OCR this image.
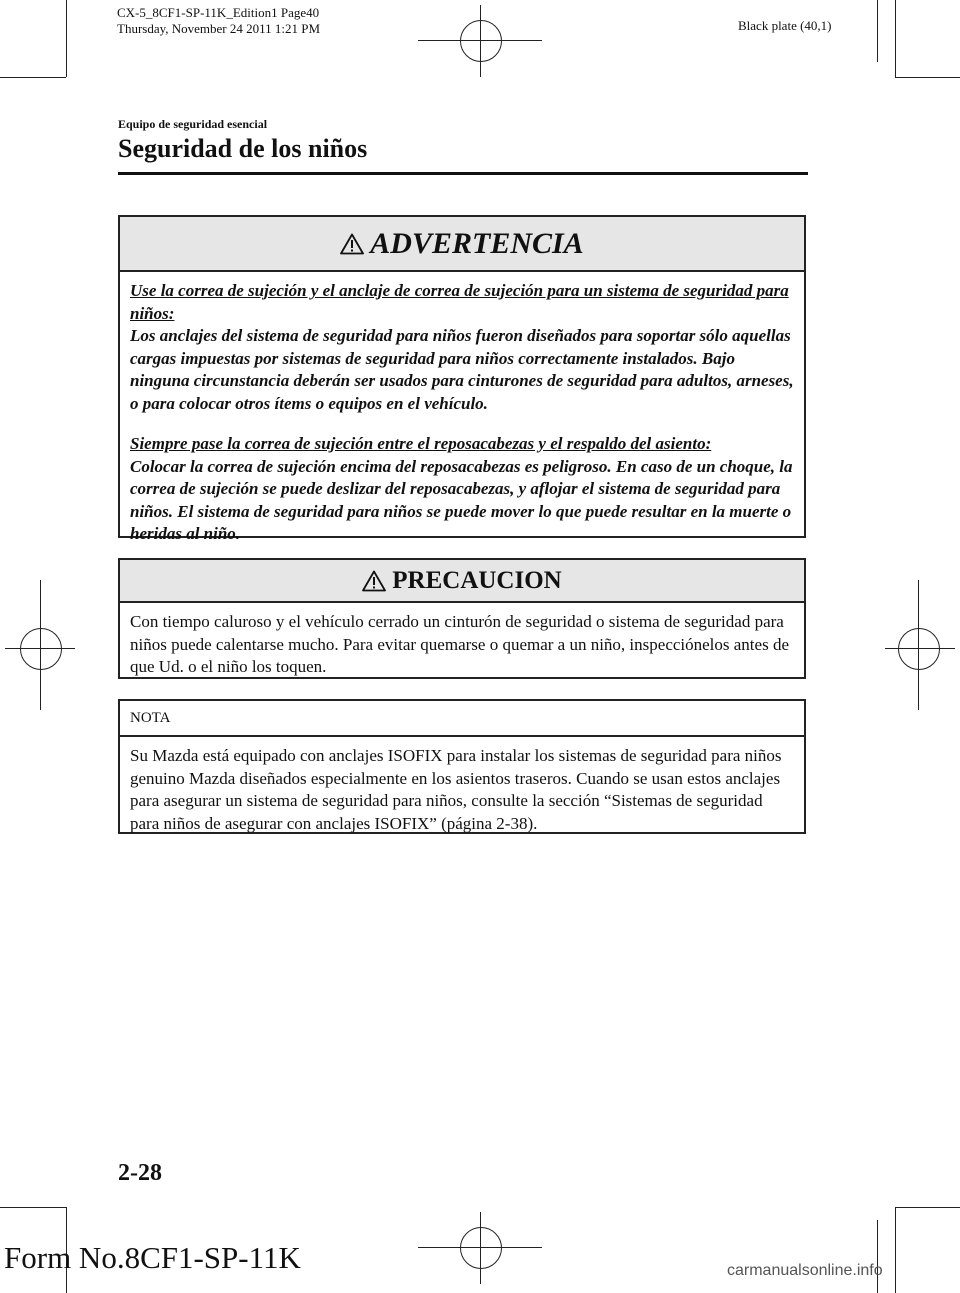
CX-5_8CF1-SP-11K_Edition1 Page40
Thursday, November 24 2011 1:21 PM	Black plate (40,1)
Equipo de seguridad esencial
Seguridad de los niños
ADVERTENCIA
Use la correa de sujeción y el anclaje de correa de sujeción para un sistema de seguridad para niños:
Los anclajes del sistema de seguridad para niños fueron diseñados para soportar sólo aquellas cargas impuestas por sistemas de seguridad para niños correctamente instalados. Bajo ninguna circunstancia deberán ser usados para cinturones de seguridad para adultos, arneses, o para colocar otros ítems o equipos en el vehículo.
Siempre pase la correa de sujeción entre el reposacabezas y el respaldo del asiento:
Colocar la correa de sujeción encima del reposacabezas es peligroso. En caso de un choque, la correa de sujeción se puede deslizar del reposacabezas, y aflojar el sistema de seguridad para niños. El sistema de seguridad para niños se puede mover lo que puede resultar en la muerte o heridas al niño.
PRECAUCION
Con tiempo caluroso y el vehículo cerrado un cinturón de seguridad o sistema de seguridad para niños puede calentarse mucho. Para evitar quemarse o quemar a un niño, inspecciónelos antes de que Ud. o el niño los toquen.
NOTA
Su Mazda está equipado con anclajes ISOFIX para instalar los sistemas de seguridad para niños genuino Mazda diseñados especialmente en los asientos traseros. Cuando se usan estos anclajes para asegurar un sistema de seguridad para niños, consulte la sección “Sistemas de seguridad para niños de asegurar con anclajes ISOFIX” (página 2-38).
2-28
Form No.8CF1-SP-11K	carmanualsonline.info
